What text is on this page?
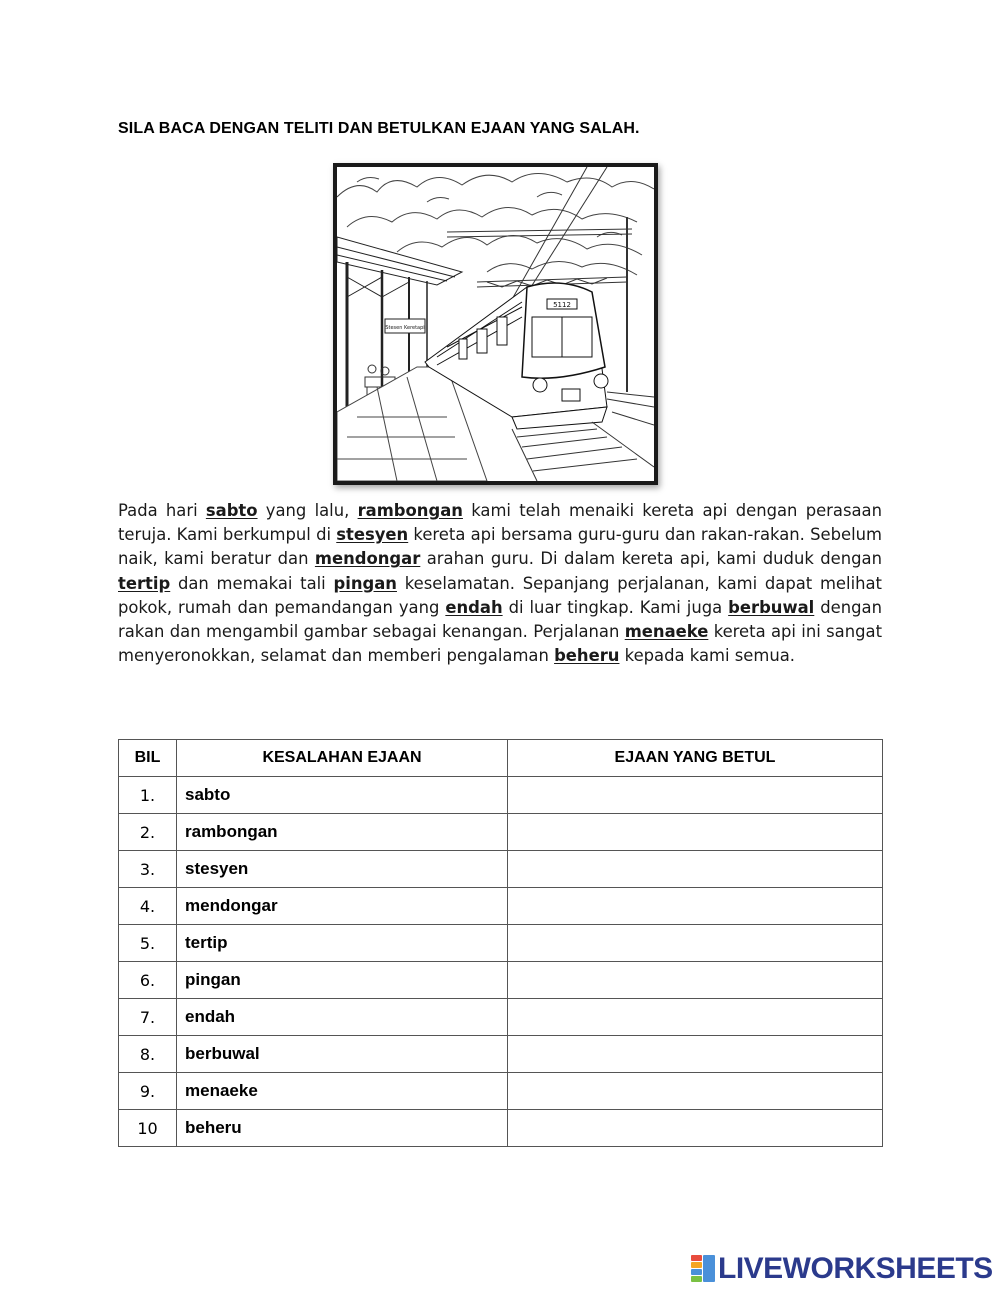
SILA BACA DENGAN TELITI DAN BETULKAN EJAAN YANG SALAH.
Stesen Keretapi
5112
Pada hari sabto yang lalu, rambongan kami telah menaiki kereta api dengan perasaan teruja. Kami berkumpul di stesyen kereta api bersama guru-guru dan rakan-rakan. Sebelum naik, kami beratur dan mendongar arahan guru. Di dalam kereta api, kami duduk dengan tertip dan memakai tali pingan keselamatan. Sepanjang perjalanan, kami dapat melihat pokok, rumah dan pemandangan yang endah di luar tingkap. Kami juga berbuwal dengan rakan dan mengambil gambar sebagai kenangan. Perjalanan menaeke kereta api ini sangat menyeronokkan, selamat dan memberi pengalaman beheru kepada kami semua.
BIL	KESALAHAN EJAAN	EJAAN YANG BETUL
1.	sabto	
2.	rambongan	
3.	stesyen	
4.	mendongar	
5.	tertip	
6.	pingan	
7.	endah	
8.	berbuwal	
9.	menaeke	
10	beheru	
LIVEWORKSHEETS
